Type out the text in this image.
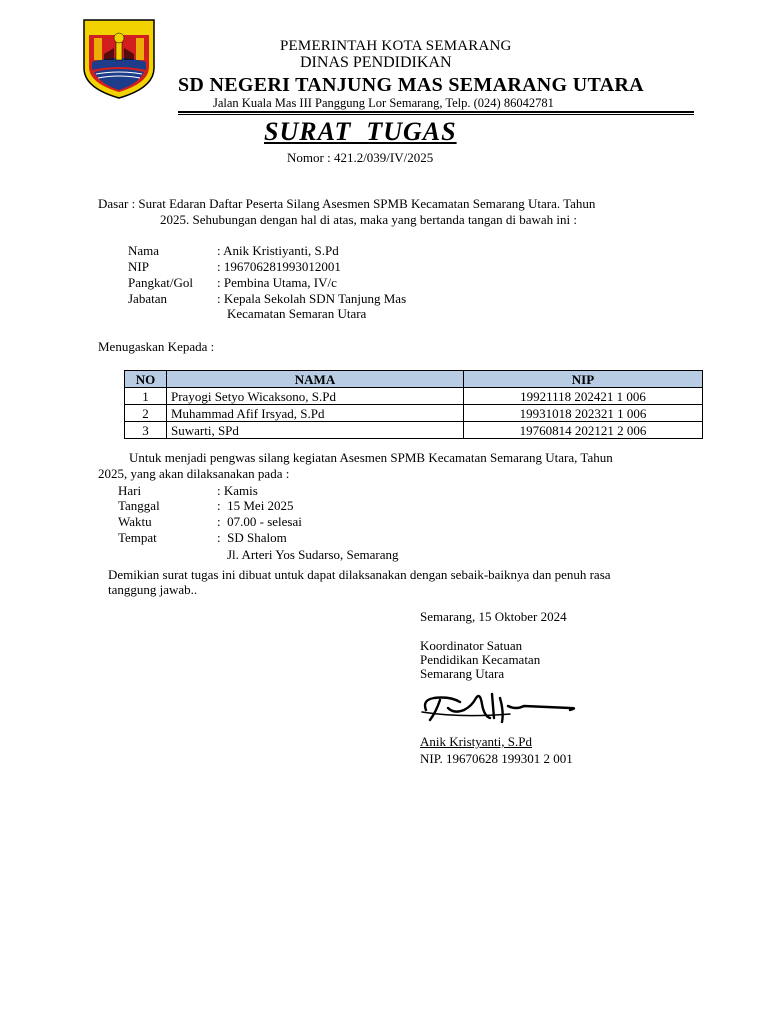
PEMERINTAH KOTA SEMARANG
DINAS PENDIDIKAN
SD NEGERI TANJUNG MAS SEMARANG UTARA
Jalan Kuala Mas III Panggung Lor Semarang, Telp. (024) 86042781
SURAT  TUGAS
Nomor : 421.2/039/IV/2025
Dasar : Surat Edaran Daftar Peserta Silang Asesmen SPMB Kecamatan Semarang Utara. Tahun
2025. Sehubungan dengan hal di atas, maka yang bertanda tangan di bawah ini :
Nama	: Anik Kristiyanti, S.Pd
NIP	: 196706281993012001
Pangkat/Gol : Pembina Utama, IV/c
Jabatan	: Kepala Sekolah SDN Tanjung Mas
Kecamatan Semaran Utara
Menugaskan Kepada :
NO	NAMA	NIP
1	Prayogi Setyo Wicaksono, S.Pd	19921118 202421 1 006
2	Muhammad Afif Irsyad, S.Pd	19931018 202321 1 006
3	Suwarti, SPd	19760814 202121 2 006
Untuk menjadi pengwas silang kegiatan Asesmen SPMB Kecamatan Semarang Utara, Tahun
2025, yang akan dilaksanakan pada :
Hari	: Kamis
Tanggal	:  15 Mei 2025
Waktu	:  07.00 - selesai
Tempat	:  SD Shalom
Jl. Arteri Yos Sudarso, Semarang
Demikian surat tugas ini dibuat untuk dapat dilaksanakan dengan sebaik-baiknya dan penuh rasa
tanggung jawab..
Semarang, 15 Oktober 2024
Koordinator Satuan
Pendidikan Kecamatan
Semarang Utara
Anik Kristyanti, S.Pd
NIP. 19670628 199301 2 001
